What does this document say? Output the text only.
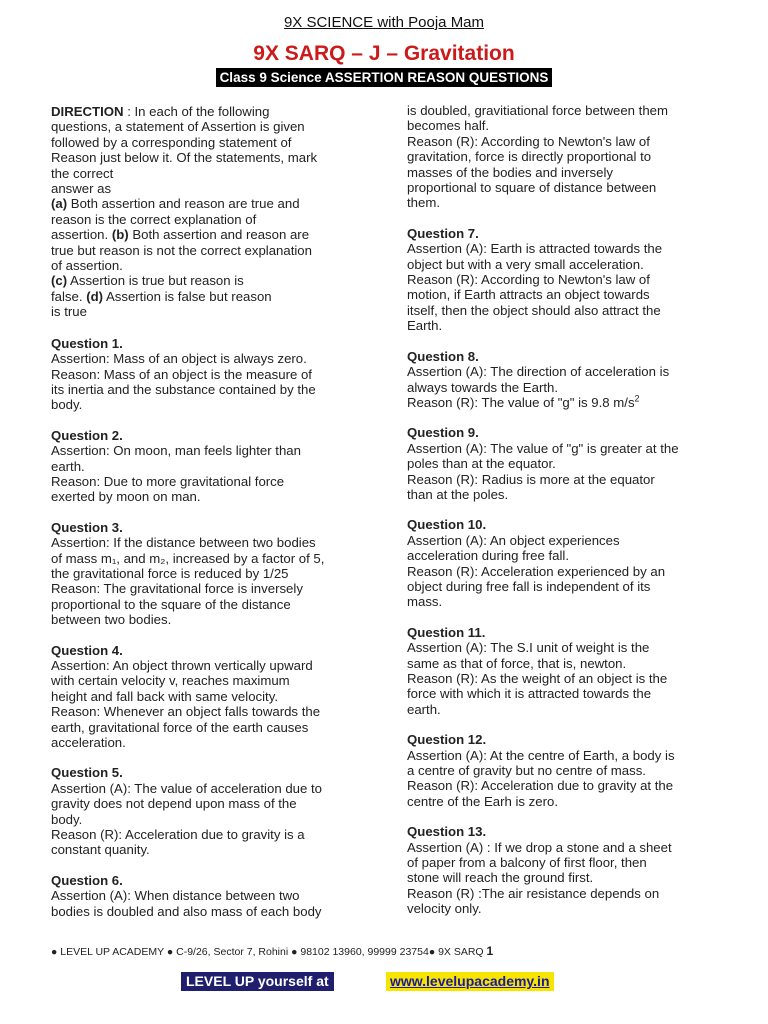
9X SCIENCE with Pooja Mam
9X SARQ – J – Gravitation
Class 9 Science ASSERTION REASON QUESTIONS

DIRECTION : In each of the following

questions, a statement of Assertion is given

followed by a corresponding statement of

Reason just below it. Of the statements, mark

the correct

answer as

(a) Both assertion and reason are true and

reason is the correct explanation of

assertion. (b) Both assertion and reason are

true but reason is not the correct explanation

of assertion.

(c) Assertion is true but reason is

false. (d) Assertion is false but reason

is true

Question 1.

Assertion: Mass of an object is always zero.

Reason: Mass of an object is the measure of

its inertia and the substance contained by the

body.

Question 2.

Assertion: On moon, man feels lighter than

earth.

Reason: Due to more gravitational force

exerted by moon on man.

Question 3.

Assertion: If the distance between two bodies

of mass m₁, and m₂, increased by a factor of 5,

the gravitational force is reduced by 1/25

Reason: The gravitational force is inversely

proportional to the square of the distance

between two bodies.

Question 4.

Assertion: An object thrown vertically upward

with certain velocity v, reaches maximum

height and fall back with same velocity.

Reason: Whenever an object falls towards the

earth, gravitational force of the earth causes

acceleration.

Question 5.

Assertion (A): The value of acceleration due to

gravity does not depend upon mass of the

body.

Reason (R): Acceleration due to gravity is a

constant quanity.

Question 6.

Assertion (A): When distance between two

bodies is doubled and also mass of each body

is doubled, gravitiational force between them

becomes half.

Reason (R): According to Newton's law of

gravitation, force is directly proportional to

masses of the bodies and inversely

proportional to square of distance between

them.

Question 7.

Assertion (A): Earth is attracted towards the

object but with a very small acceleration.

Reason (R): According to Newton's law of

motion, if Earth attracts an object towards

itself, then the object should also attract the

Earth.

Question 8.

Assertion (A): The direction of acceleration is

always towards the Earth.

Reason (R): The value of "g" is 9.8 $m/s^2$

Question 9.

Assertion (A): The value of "g" is greater at the

poles than at the equator.

Reason (R): Radius is more at the equator

than at the poles.

Question 10.

Assertion (A): An object experiences

acceleration during free fall.

Reason (R): Acceleration experienced by an

object during free fall is independent of its

mass.

Question 11.

Assertion (A): The S.I unit of weight is the

same as that of force, that is, newton.

Reason (R): As the weight of an object is the

force with which it is attracted towards the

earth.

Question 12.

Assertion (A): At the centre of Earth, a body is

a centre of gravity but no centre of mass.

Reason (R): Acceleration due to gravity at the

centre of the Earh is zero.

Question 13.

Assertion (A) : If we drop a stone and a sheet

of paper from a balcony of first floor, then

stone will reach the ground first.

Reason (R) :The air resistance depends on

velocity only.

● LEVEL UP ACADEMY ● C-9/26, Sector 7, Rohini ● 98102 13960, 99999 23754● 9X SARQ 1
LEVEL UP yourself at	www.levelupacademy.in
